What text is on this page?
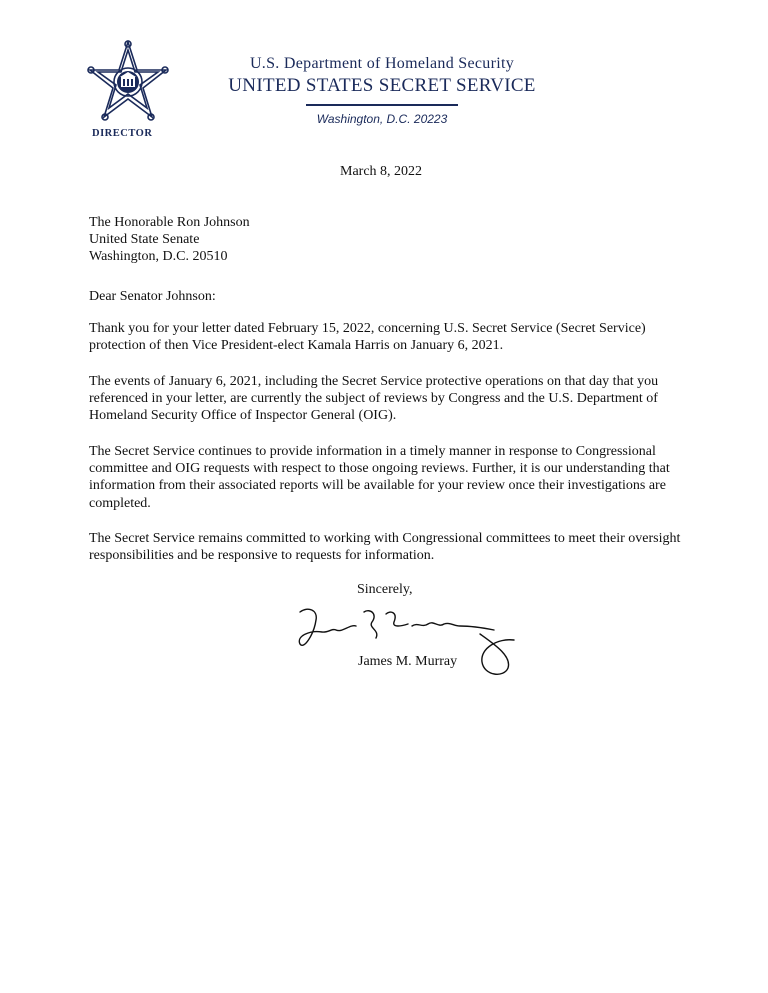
DIRECTOR
U.S. Department of Homeland Security
UNITED STATES SECRET SERVICE
Washington, D.C. 20223
March 8, 2022
The Honorable Ron Johnson
United State Senate
Washington, D.C. 20510
Dear Senator Johnson:

Thank you for your letter dated February 15, 2022, concerning U.S. Secret Service (Secret Service) protection of then Vice President-elect Kamala Harris on January 6, 2021.

The events of January 6, 2021, including the Secret Service protective operations on that day that you referenced in your letter, are currently the subject of reviews by Congress and the U.S. Department of Homeland Security Office of Inspector General (OIG).

The Secret Service continues to provide information in a timely manner in response to Congressional committee and OIG requests with respect to those ongoing reviews. Further, it is our understanding that information from their associated reports will be available for your review once their investigations are completed.

The Secret Service remains committed to working with Congressional committees to meet their oversight responsibilities and be responsive to requests for information.

Sincerely,
James M. Murray
